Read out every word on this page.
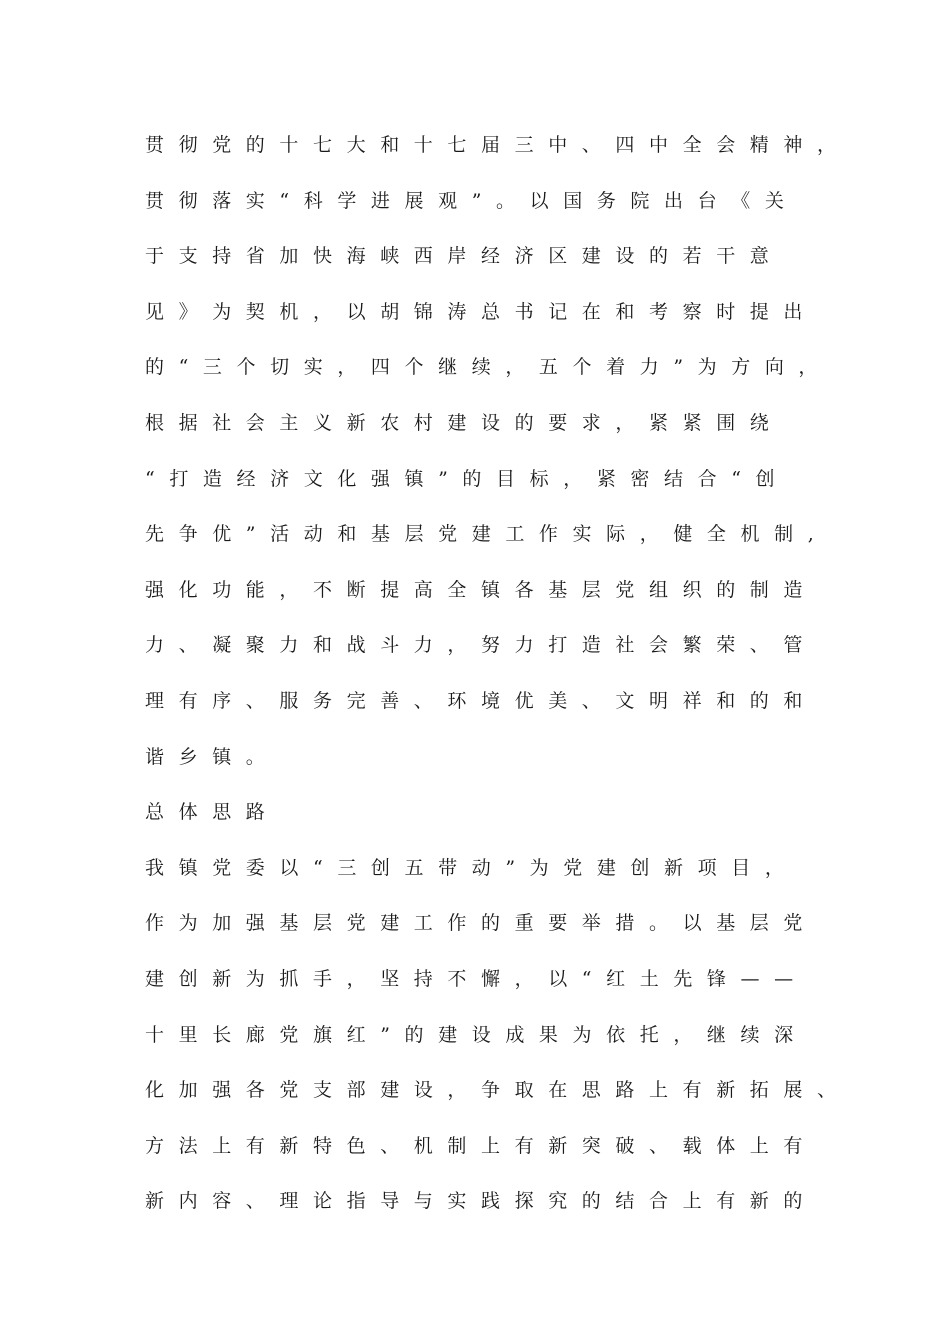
贯彻党的十七大和十七届三中、四中全会精神，
贯彻落实“科学进展观”。以国务院出台《关
于支持省加快海峡西岸经济区建设的若干意
见》为契机，以胡锦涛总书记在和考察时提出
的“三个切实，四个继续，五个着力”为方向，
根据社会主义新农村建设的要求，紧紧围绕
“打造经济文化强镇”的目标，紧密结合“创
先争优”活动和基层党建工作实际，健全机制,
强化功能，不断提高全镇各基层党组织的制造
力、凝聚力和战斗力，努力打造社会繁荣、管
理有序、服务完善、环境优美、文明祥和的和
谐乡镇。
总体思路
我镇党委以“三创五带动”为党建创新项目，
作为加强基层党建工作的重要举措。以基层党
建创新为抓手，坚持不懈，以“红土先锋——
十里长廊党旗红”的建设成果为依托，继续深
化加强各党支部建设，争取在思路上有新拓展、
方法上有新特色、机制上有新突破、载体上有
新内容、理论指导与实践探究的结合上有新的
